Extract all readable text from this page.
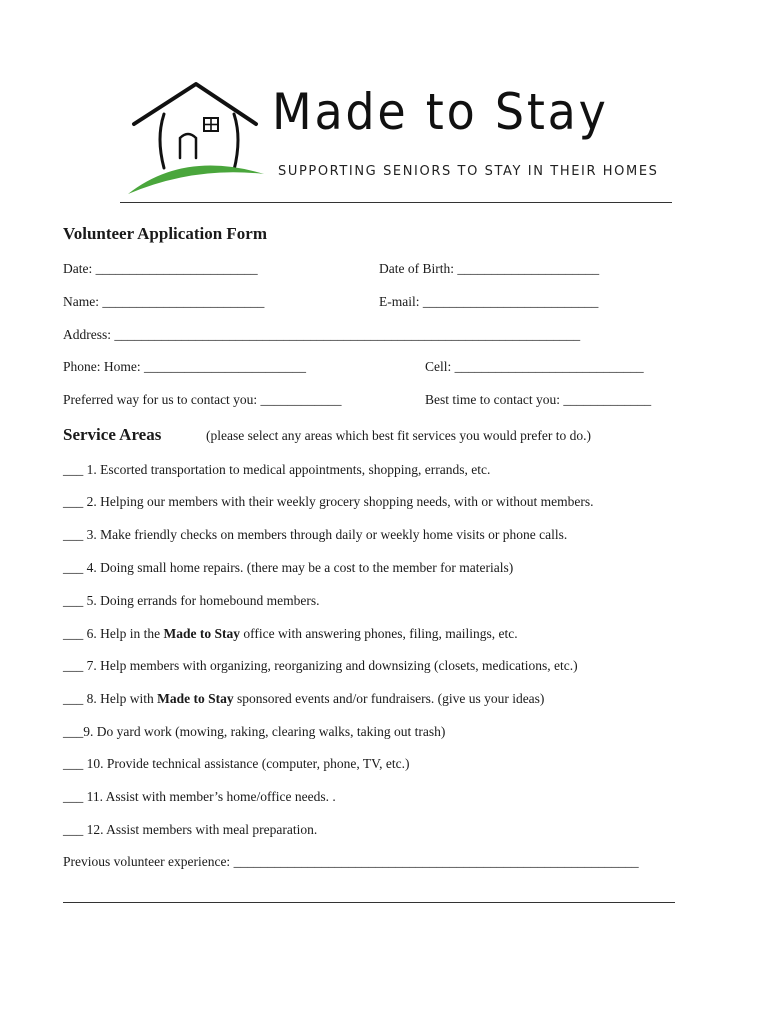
Made to Stay
SUPPORTING SENIORS TO STAY IN THEIR HOMES
Volunteer Application Form
Date: ________________________	Date of Birth: _____________________
Name: ________________________	E-mail: __________________________
Address: _____________________________________________________________________
Phone: Home: ________________________	Cell: ____________________________
Preferred way for us to contact you: ____________	Best time to contact you: _____________
Service Areas	(please select any areas which best fit services you would prefer to do.)
___ 1. Escorted transportation to medical appointments, shopping, errands, etc.
___ 2. Helping our members with their weekly grocery shopping needs, with or without members.
___ 3. Make friendly checks on members through daily or weekly home visits or phone calls.
___ 4. Doing small home repairs. (there may be a cost to the member for materials)
___ 5. Doing errands for homebound members.
___ 6. Help in the Made to Stay office with answering phones, filing, mailings, etc.
___ 7. Help members with organizing, reorganizing and downsizing (closets, medications, etc.)
___ 8. Help with Made to Stay sponsored events and/or fundraisers. (give us your ideas)
___9. Do yard work (mowing, raking, clearing walks, taking out trash)
___ 10. Provide technical assistance (computer, phone, TV, etc.)
___ 11. Assist with member’s home/office needs. .
___ 12. Assist members with meal preparation.
Previous volunteer experience: ____________________________________________________________
